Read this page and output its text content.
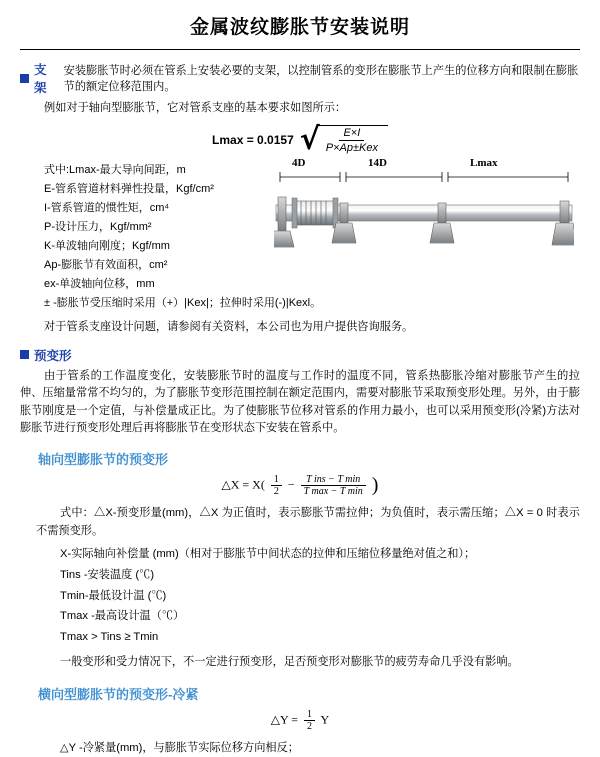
金属波纹膨胀节安装说明
支架
安装膨胀节时必须在管系上安装必要的支架，以控制管系的变形在膨胀节上产生的位移方向和限制在膨胀节的额定位移范围内。

例如对于轴向型膨胀节，它对管系支座的基本要求如图所示：

Lmax = 0.0157 √
$\frac{E\times I}{\text{P×Ap±Kex}}$
式中:Lmax-最大导向间距，m
E-管系管道材料弹性投量，Kgf/cm²
I-管系管道的惯性矩，cm⁴
P-设计压力，Kgf/mm²
K-单波轴向刚度；Kgf/mm
Ap-膨胀节有效面积，cm²
ex-单波轴向位移，mm
± -膨胀节受压缩时采用（+）|Kex|；拉伸时采用(-)|Kexl。
4D	14D	Lmax

对于管系支座设计问题，请参阅有关资料，本公司也为用户提供咨询服务。

预变形

由于管系的工作温度变化，安装膨胀节时的温度与工作时的温度不同，管系热膨胀冷缩对膨胀节产生的拉伸、压缩量常常不均匀的，为了膨胀节变形范围控制在额定范围内，需要对膨胀节采取预变形处理。另外，由于膨胀节刚度是一个定值，与补偿量成正比。为了使膨胀节位移对管系的作用力最小，也可以采用预变形(冷紧)方法对膨胀节进行预变形处理后再将膨胀节在变形状态下安装在管系中。

轴向型膨胀节的预变形
△X = $X( \frac{1}{2} - \frac{\text{T ins − T min}}{\text{T max − T min}}$ )

式中：△X-预变形量(mm)，△X 为正值时，表示膨胀节需拉伸；为负值时，表示需压缩；△X = 0 时表示不需预变形。

X-实际轴向补偿量 (mm)（相对于膨胀节中间状态的拉伸和压缩位移量绝对值之和）；
Tins -安装温度 (℃)
Tmin-最低设计温 (℃)
Tmax -最高设计温（℃）
Tmax > Tins ≥ Tmin

一般变形和受力情况下，不一定进行预变形，足否预变形对膨胀节的疲劳寿命几乎没有影响。

横向型膨胀节的预变形-冷紧
△Y = $\frac{1}{2}$ Y

△Y -冷紧量(mm)，与膨胀节实际位移方向相反；
